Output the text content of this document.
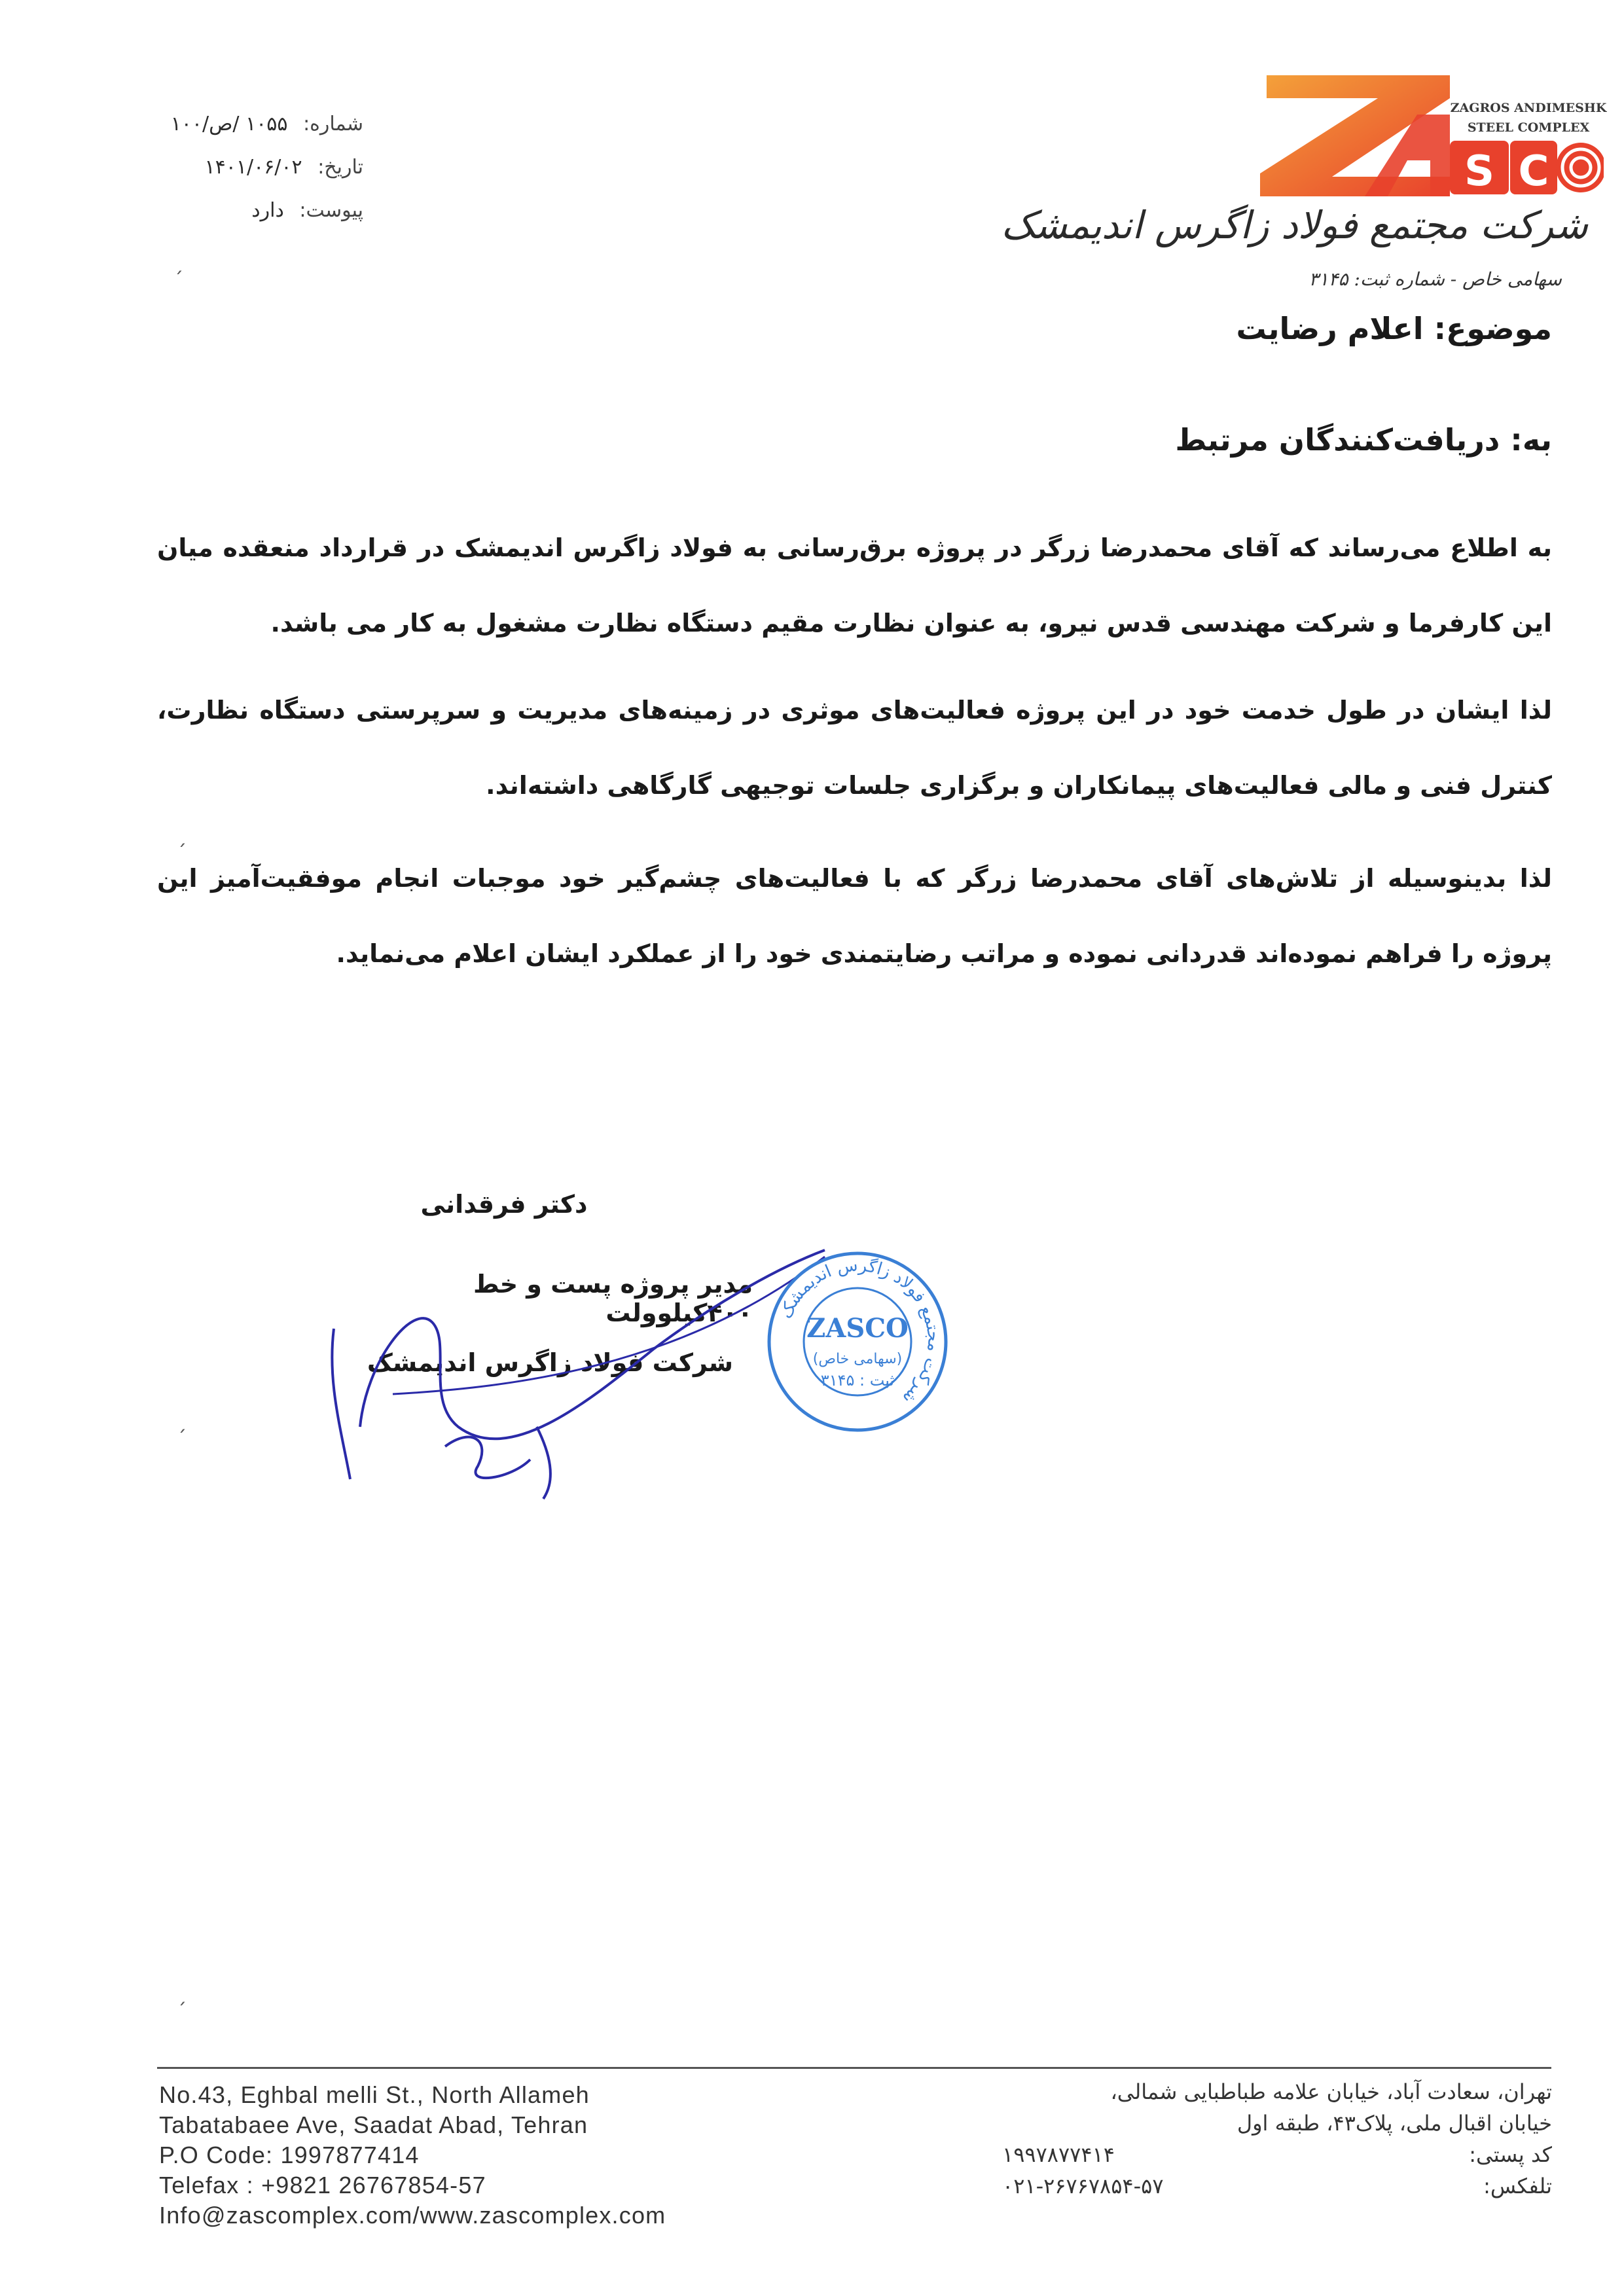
S C
ZAGROS ANDIMESHK STEEL COMPLEX
شرکت مجتمع فولاد زاگرس اندیمشک
سهامی خاص - شماره ثبت: ۳۱۴۵
شماره: ۱۰۵۵ /ص/۱۰۰
تاریخ: ۱۴۰۱/۰۶/۰۲
پیوست: دارد
موضوع: اعلام رضایت
به: دریافت‌کنندگان مرتبط
به اطلاع می‌رساند که آقای محمدرضا زرگر در پروژه برق‌رسانی به فولاد زاگرس اندیمشک در قرارداد منعقده میان این کارفرما و شرکت مهندسی قدس نیرو، به عنوان نظارت مقیم دستگاه نظارت مشغول به کار می باشد.
لذا ایشان در طول خدمت خود در این پروژه فعالیت‌های موثری در زمینه‌های مدیریت و سرپرستی دستگاه نظارت، کنترل فنی و مالی فعالیت‌های پیمانکاران و برگزاری جلسات توجیهی گارگاهی داشته‌اند.
لذا بدینوسیله از تلاش‌های آقای محمدرضا زرگر که با فعالیت‌های چشم‌گیر خود موجبات انجام موفقیت‌آمیز این پروژه را فراهم نموده‌اند قدردانی نموده و مراتب رضایتمندی خود را از عملکرد ایشان اعلام می‌نماید.
دکتر فرقدانی
مدیر پروژه پست و خط ۴۰۰کیلوولت
شرکت فولاد زاگرس اندیمشک
شرکت مجتمع فولاد زاگرس اندیمشک
ZASCO
(سهامی خاص)
ثبت : ۳۱۴۵
ˏ
ˏ
ˏ
ˏ
No.43, Eghbal melli St., North Allameh
Tabatabaee Ave, Saadat Abad, Tehran
P.O Code: 1997877414
Telefax : +9821 26767854-57
Info@zascomplex.com/www.zascomplex.com
تهران، سعادت آباد، خیابان علامه طباطبایی شمالی،
خیابان اقبال ملی، پلاک۴۳، طبقه اول
کد پستی:
۱۹۹۷۸۷۷۴۱۴
تلفکس:
۰۲۱-۲۶۷۶۷۸۵۴-۵۷
